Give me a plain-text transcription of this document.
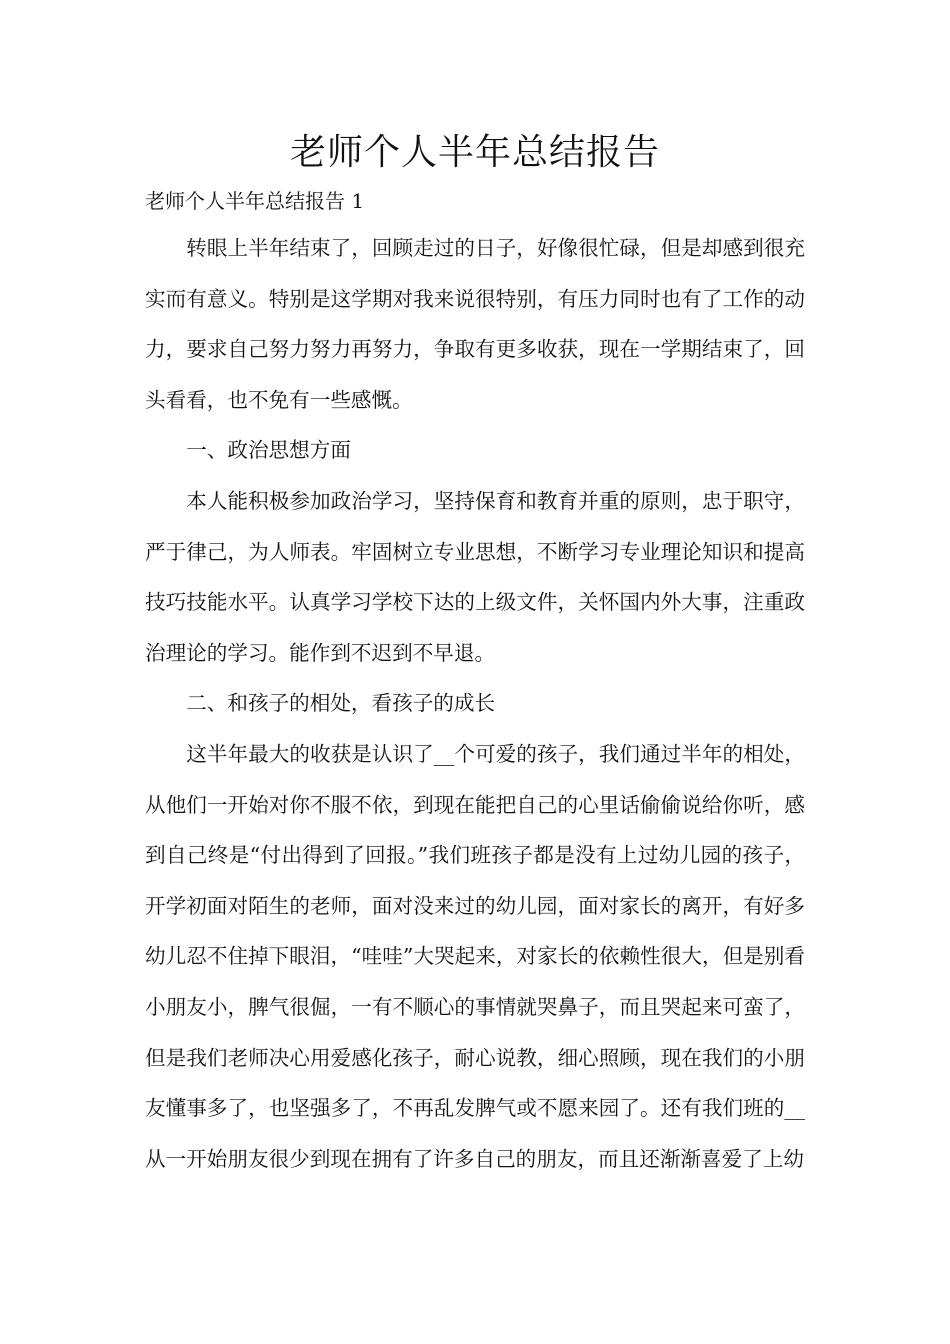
老师个人半年总结报告

老师个人半年总结报告 1

转眼上半年结束了，回顾走过的日子，好像很忙碌，但是却感到很充实而有意义。特别是这学期对我来说很特别，有压力同时也有了工作的动力，要求自己努力努力再努力，争取有更多收获，现在一学期结束了，回头看看，也不免有一些感慨。

一、政治思想方面

本人能积极参加政治学习，坚持保育和教育并重的原则，忠于职守，严于律己，为人师表。牢固树立专业思想，不断学习专业理论知识和提高技巧技能水平。认真学习学校下达的上级文件，关怀国内外大事，注重政治理论的学习。能作到不迟到不早退。

二、和孩子的相处，看孩子的成长

这半年最大的收获是认识了__个可爱的孩子，我们通过半年的相处，从他们一开始对你不服不依，到现在能把自己的心里话偷偷说给你听，感到自己终是“付出得到了回报。”我们班孩子都是没有上过幼儿园的孩子，开学初面对陌生的老师，面对没来过的幼儿园，面对家长的离开，有好多幼儿忍不住掉下眼泪，“哇哇”大哭起来，对家长的依赖性很大，但是别看小朋友小，脾气很倔，一有不顺心的事情就哭鼻子，而且哭起来可蛮了，但是我们老师决心用爱感化孩子，耐心说教，细心照顾，现在我们的小朋友懂事多了，也坚强多了，不再乱发脾气或不愿来园了。还有我们班的__从一开始朋友很少到现在拥有了许多自己的朋友，而且还渐渐喜爱了上幼
